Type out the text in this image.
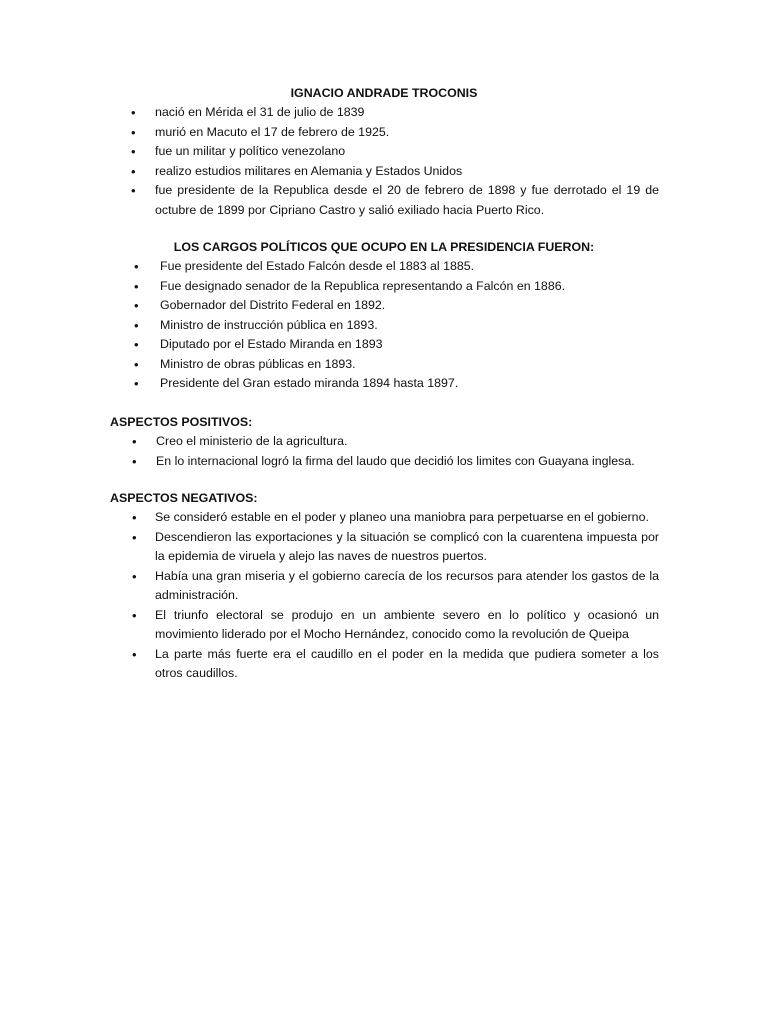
IGNACIO ANDRADE TROCONIS

• nació en Mérida el 31 de julio de 1839
• murió en Macuto el 17 de febrero de 1925.
• fue un militar y político venezolano
• realizo estudios militares en Alemania y Estados Unidos
• fue presidente de la Republica desde el 20 de febrero de 1898 y fue derrotado el 19 de octubre de 1899 por Cipriano Castro y salió exiliado hacia Puerto Rico.

LOS CARGOS POLÍTICOS QUE OCUPO EN LA PRESIDENCIA FUERON:

• Fue presidente del Estado Falcón desde el 1883 al 1885.
• Fue designado senador de la Republica representando a Falcón en 1886.
• Gobernador del Distrito Federal en 1892.
• Ministro de instrucción pública en 1893.
• Diputado por el Estado Miranda en 1893
• Ministro de obras públicas en 1893.
• Presidente del Gran estado miranda 1894 hasta 1897.

ASPECTOS POSITIVOS:

• Creo el ministerio de la agricultura.
• En lo internacional logró la firma del laudo que decidió los limites con Guayana inglesa.

ASPECTOS NEGATIVOS:

• Se consideró estable en el poder y planeo una maniobra para perpetuarse en el gobierno.
• Descendieron las exportaciones y la situación se complicó con la cuarentena impuesta por la epidemia de viruela y alejo las naves de nuestros puertos.
• Había una gran miseria y el gobierno carecía de los recursos para atender los gastos de la administración.
• El triunfo electoral se produjo en un ambiente severo en lo político y ocasionó un movimiento liderado por el Mocho Hernández, conocido como la revolución de Queipa
• La parte más fuerte era el caudillo en el poder en la medida que pudiera someter a los otros caudillos.
